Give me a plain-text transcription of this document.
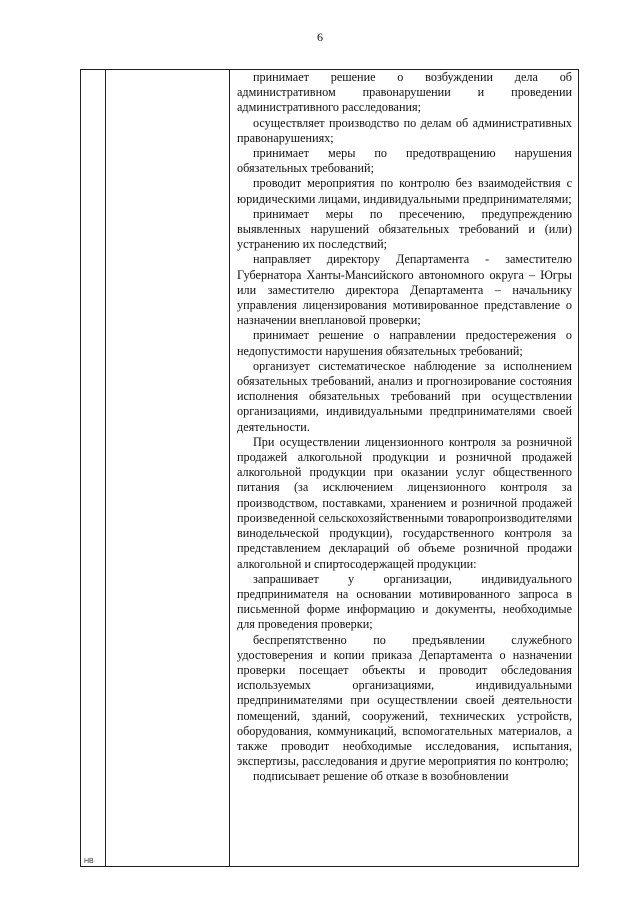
6

принимает решение о возбуждении дела об административном правонарушении и проведении административного расследования;

осуществляет производство по делам об административных правонарушениях;

принимает меры по предотвращению нарушения обязательных требований;

проводит мероприятия по контролю без взаимодействия с юридическими лицами, индивидуальными предпринимателями;

принимает меры по пресечению, предупреждению выявленных нарушений обязательных требований и (или) устранению их последствий;

направляет директору Департамента - заместителю Губернатора Ханты-Мансийского автономного округа – Югры или заместителю директора Департамента – начальнику управления лицензирования мотивированное представление о назначении внеплановой проверки;

принимает решение о направлении предостережения о недопустимости нарушения обязательных требований;

организует систематическое наблюдение за исполнением обязательных требований, анализ и прогнозирование состояния исполнения обязательных требований при осуществлении организациями, индивидуальными предпринимателями своей деятельности.

При осуществлении лицензионного контроля за розничной продажей алкогольной продукции и розничной продажей алкогольной продукции при оказании услуг общественного питания (за исключением лицензионного контроля за производством, поставками, хранением и розничной продажей произведенной сельскохозяйственными товаропроизводителями винодельческой продукции), государственного контроля за представлением деклараций об объеме розничной продажи алкогольной и спиртосодержащей продукции:

запрашивает у организации, индивидуального предпринимателя на основании мотивированного запроса в письменной форме информацию и документы, необходимые для проведения проверки;

беспрепятственно по предъявлении служебного удостоверения и копии приказа Департамента о назначении проверки посещает объекты и проводит обследования используемых организациями, индивидуальными предпринимателями при осуществлении своей деятельности помещений, зданий, сооружений, технических устройств, оборудования, коммуникаций, вспомогательных материалов, а также проводит необходимые исследования, испытания, экспертизы, расследования и другие мероприятия по контролю;

подписывает решение об отказе в возобновлении

HB
